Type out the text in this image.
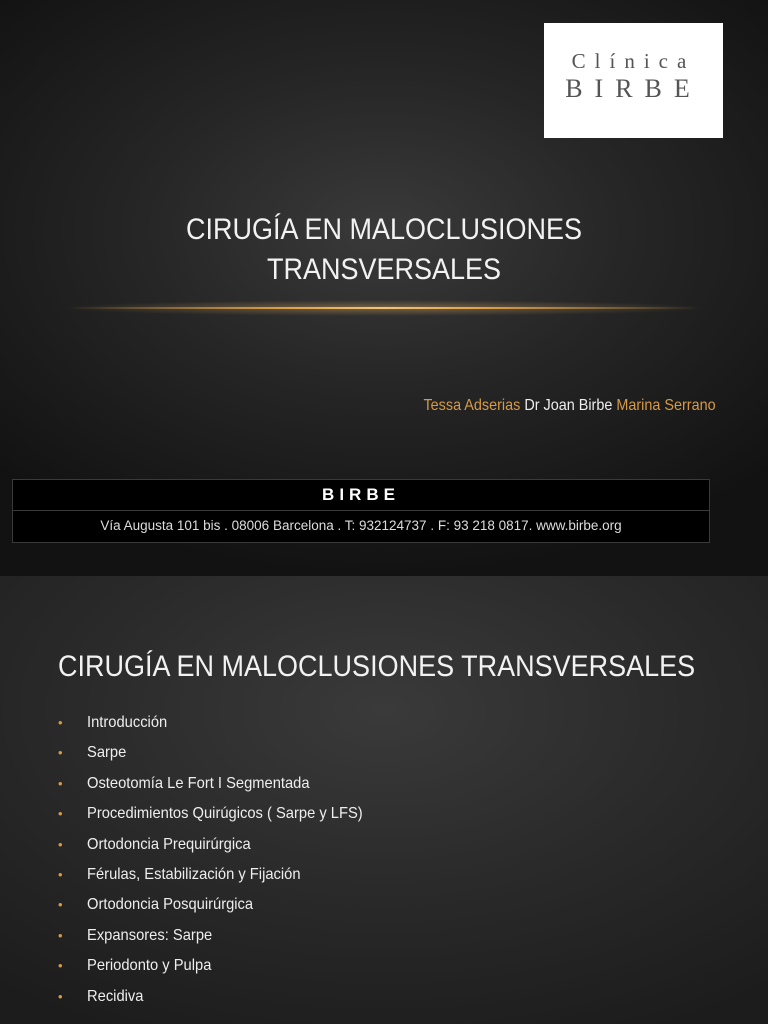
Clínica
BIRBE
CIRUGÍA EN MALOCLUSIONES
TRANSVERSALES
Tessa Adserias Dr Joan Birbe Marina Serrano
BIRBE
Vía Augusta 101 bis . 08006 Barcelona . T: 932124737 . F: 93 218 0817. www.birbe.org
CIRUGÍA EN MALOCLUSIONES TRANSVERSALES
• Introducción
• Sarpe
• Osteotomía Le Fort I Segmentada
• Procedimientos Quirúgicos ( Sarpe y LFS)
• Ortodoncia Prequirúrgica
• Férulas, Estabilización y Fijación
• Ortodoncia Posquirúrgica
• Expansores: Sarpe
• Periodonto y Pulpa
• Recidiva
